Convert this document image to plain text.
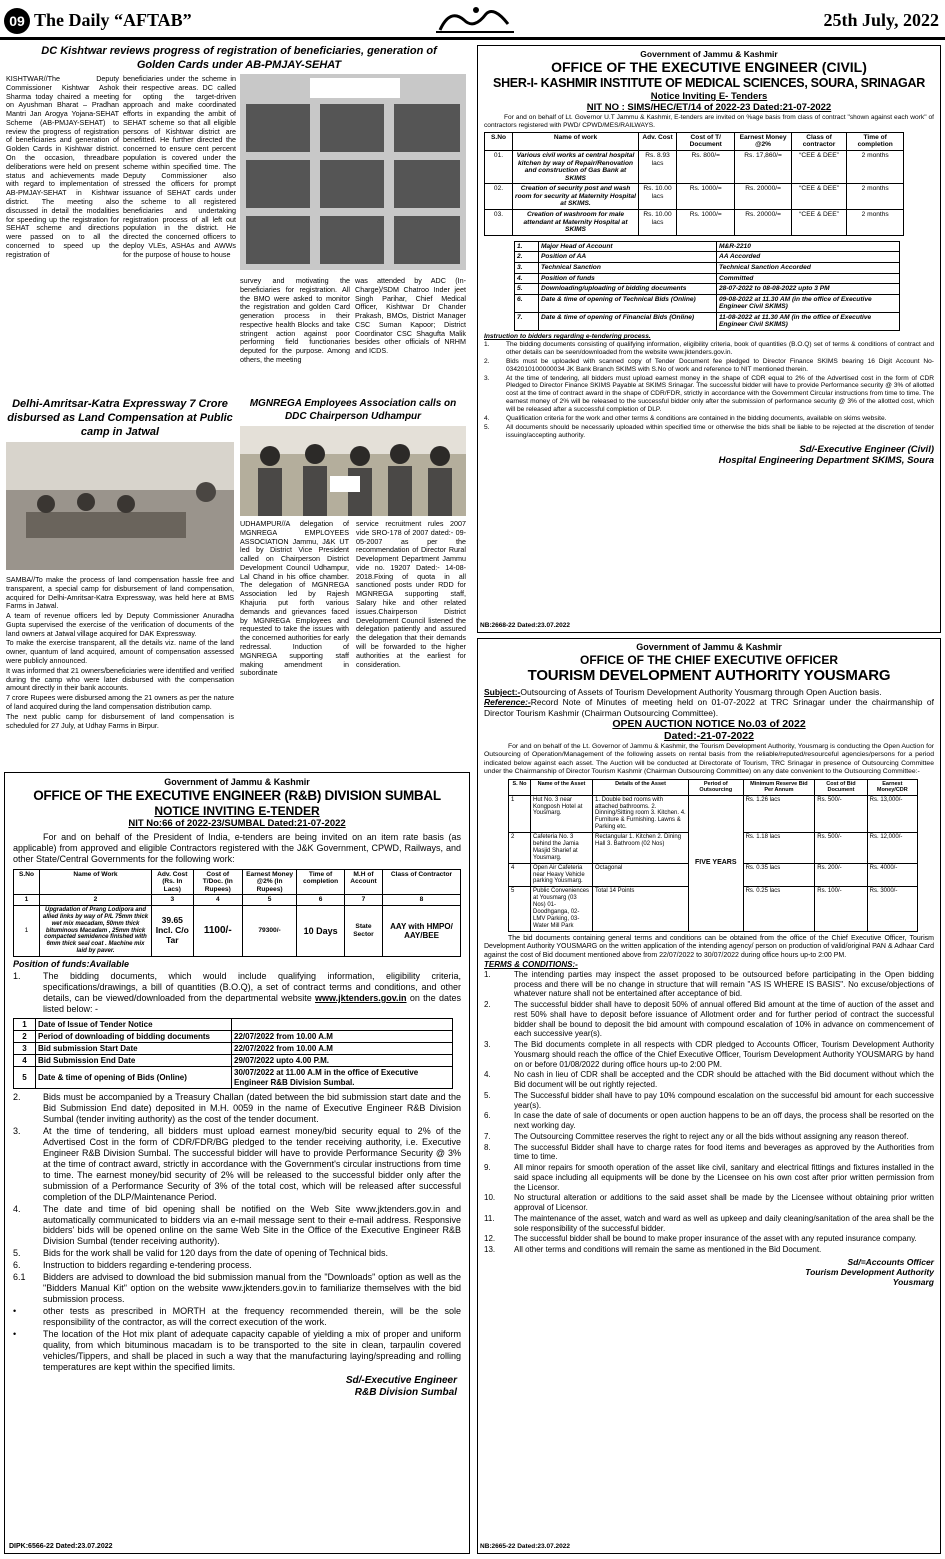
09 The Daily “AFTAB”	25th July, 2022
DC Kishtwar reviews progress of registration of beneficiaries, generation of Golden Cards under AB-PMJAY-SEHAT
KISHTWAR//The Deputy Commissioner Kishtwar Ashok Sharma today chaired a meeting on Ayushman Bharat – Pradhan Mantri Jan Arogya Yojana-SEHAT Scheme (AB-PMJAY-SEHAT) to review the progress of registration of beneficiaries and generation of Golden Cards in Kishtwar district. On the occasion, threadbare deliberations were held on present status and achievements made with regard to implementation of AB-PMJAY-SEHAT in Kishtwar district. The meeting also discussed in detail the modalities for speeding up the registration for SEHAT scheme and directions were passed on to all the concerned to speed up the registration of
beneficiaries under the scheme in their respective areas. DC called for opting the target-driven approach and make coordinated efforts in expanding the ambit of SEHAT scheme so that all eligible persons of Kishtwar district are benefitted. He further directed the concerned to ensure cent percent population is covered under the scheme within specified time. The Deputy Commissioner also stressed the officers for prompt issuance of SEHAT cards under the scheme to all registered beneficiaries and undertaking registration process of all left out population in the district. He directed the concerned officers to deploy VLEs, ASHAs and AWWs for the purpose of house to house
survey and motivating the beneficiaries for registration. All the BMO were asked to monitor the registration and golden Card generation process in their respective health Blocks and take stringent action against poor performing field functionaries deputed for the purpose. Among others, the meeting
was attended by ADC (In-Charge)/SDM Chatroo Inder jeet Singh Parihar, Chief Medical Officer, Kishtwar Dr Chander Prakash, BMOs, District Manager CSC Suman Kapoor; District Coordinator CSC Shagufta Malik besides other officials of NRHM and ICDS.
Delhi-Amritsar-Katra Expressway 7 Crore disbursed as Land Compensation at Public camp in Jatwal

SAMBA//To make the process of land compensation hassle free and transparent, a special camp for disbursement of land compensation, acquired for Delhi-Amritsar-Katra Expressway, was held here at BMS Farms in Jatwal.

A team of revenue officers led by Deputy Commissioner Anuradha Gupta supervised the exercise of the verification of documents of the land owners at Jatwal village acquired for DAK Expressway.

To make the exercise transparent, all the details viz. name of the land owner, quantum of land acquired, amount of compensation assessed were publicly announced.

It was informed that 21 owners/beneficiaries were identified and verified during the camp who were later disbursed with the compensation amount directly in their bank accounts.

7 crore Rupees were disbursed among the 21 owners as per the nature of land acquired during the land compensation distribution camp.

The next public camp for disbursement of land compensation is scheduled for 27 July, at Udhay Farms in Birpur.

MGNREGA Employees Association calls on DDC Chairperson Udhampur
UDHAMPUR//A delegation of MGNREGA EMPLOYEES ASSOCIATION Jammu, J&K UT led by District Vice President called on Chairperson District Development Council Udhampur, Lal Chand in his office chamber. The delegation of MGNREGA Association led by Rajesh Khajuria put forth various demands and grievances faced by MGNREGA Employees and requested to take the issues with the concerned authorities for early redressal. Induction of MGNREGA supporting staff making amendment in subordinate
service recruitment rules 2007 vide SRO-178 of 2007 dated:- 09-05-2007 as per the recommendation of Director Rural Development Department Jammu vide no. 19207 Dated:- 14-08-2018.Fixing of quota in all sanctioned posts under RDD for MGNREGA supporting staff, Salary hike and other related issues.Chairperson District Development Council listened the delegation patiently and assured the delegation that their demands will be forwarded to the higher authorities at the earliest for consideration.
Government of Jammu & Kashmir
OFFICE OF THE EXECUTIVE ENGINEER (R&B) DIVISION SUMBAL
NOTICE INVITING E-TENDER
NIT No:66 of 2022-23/SUMBAL Dated:21-07-2022
For and on behalf of the President of India, e-tenders are being invited on an item rate basis (as applicable) from approved and eligible Contractors registered with the J&K Government, CPWD, Railways, and other State/Central Governments for the following work:
S.No	Name of Work	Adv. Cost (Rs. In Lacs)	Cost of T/Doc. (In Rupees)	Earnest Money @2% (In Rupees)	Time of completion	M.H of Account	Class of Contractor
1	2	3	4	5	6	7	8
1	Upgradation of Prang Lodipora and allied links by way of P/L 75mm thick wet mix macadam, 50mm thick bituminous Macadam , 25mm thick compacted semidence finished with 6mm thick seal coat . Machine mix laid by paver.	39.65 Incl. C/o Tar	1100/-	79300/-	10 Days	State Sector	AAY with HMPO/ AAY/BEE
Position of funds:Available
1. The bidding documents, which would include qualifying information, eligibility criteria, specifications/drawings, a bill of quantities (B.O.Q), a set of contract terms and conditions, and other details, can be viewed/downloaded from the departmental website www.jktenders.gov.in on the dates listed below: -
1	Date of Issue of Tender Notice	
2	Period of downloading of bidding documents	22/07/2022 from 10.00 A.M
3	Bid submission Start Date	22/07/2022 from 10.00 A.M
4	Bid Submission End Date	29/07/2022 upto 4.00 P.M.
5	Date & time of opening of Bids (Online)	30/07/2022 at 11.00 A.M in the office of Executive Engineer R&B Division Sumbal.
2. Bids must be accompanied by a Treasury Challan (dated between the bid submission start date and the Bid Submission End date) deposited in M.H. 0059 in the name of Executive Engineer R&B Division Sumbal (tender inviting authority) as the cost of the tender document.
3. At the time of tendering, all bidders must upload earnest money/bid security equal to 2% of the Advertised Cost in the form of CDR/FDR/BG pledged to the tender receiving authority, i.e. Executive Engineer R&B Division Sumbal. The successful bidder will have to provide Performance Security @ 3% at the time of contract award, strictly in accordance with the Government's circular instructions from time to time. The earnest money/bid security of 2% will be released to the successful bidder only after the submission of a Performance Security of 3% of the total cost, which will be released after successful completion of the DLP/Maintenance Period.
4. The date and time of bid opening shall be notified on the Web Site www.jktenders.gov.in and automatically communicated to bidders via an e-mail message sent to their e-mail address. Responsive bidders' bids will be opened online on the same Web Site in the Office of the Executive Engineer R&B Division Sumbal (tender receiving authority).
5. Bids for the work shall be valid for 120 days from the date of opening of Technical bids.
6. Instruction to bidders regarding e-tendering process.
6.1 Bidders are advised to download the bid submission manual from the "Downloads" option as well as the "Bidders Manual Kit" option on the website www.jktenders.gov.in to familiarize themselves with the bid submission process.
•	other tests as prescribed in MORTH at the frequency recommended therein, will be the sole responsibility of the contractor, as will the correct execution of the work.
•	The location of the Hot mix plant of adequate capacity capable of yielding a mix of proper and uniform quality, from which bituminous macadam is to be transported to the site in clean, tarpaulin covered vehicles/Tippers, and shall be placed in such a way that the manufacturing laying/spreading and rolling temperatures are kept within the specified limits.
Sd/-Executive Engineer
R&B Division Sumbal
DIPK:6566-22 Dated:23.07.2022
Government of Jammu & Kashmir
OFFICE OF THE EXECUTIVE ENGINEER (CIVIL)
SHER-I- KASHMIR INSTITUTE OF MEDICAL SCIENCES, SOURA, SRINAGAR
Notice Inviting E- Tenders
NIT NO : SIMS/HEC/ET/14 of 2022-23 Dated:21-07-2022
For and on behalf of Lt. Governor U.T Jammu & Kashmir, E-tenders are invited on %age basis from class of contract "shown against each work" of contractors registered with PWD/ CPWD/MES/RAILWAYS.
S.No	Name of work	Adv. Cost	Cost of T/ Document	Earnest Money @2%	Class of contractor	Time of completion
01.	Various civil works at central hospital kitchen by way of Repair/Renovation and construction of Gas Bank at SKIMS	Rs. 8.93 lacs	Rs. 800/=	Rs. 17,860/=	“CEE & DEE”	2 months
02.	Creation of security post and wash room for security at Maternity Hospital at SKIMS.	Rs. 10.00 lacs	Rs. 1000/=	Rs. 20000/=	“CEE & DEE”	2 months
03.	Creation of washroom for male attendant at Maternity Hospital at SKIMS	Rs. 10.00 lacs	Rs. 1000/=	Rs. 20000/=	“CEE & DEE”	2 months
1.	Major Head of Account	M&R-2210
2.	Position of AA	AA Accorded
3.	Technical Sanction	Technical Sanction Accorded
4.	Position of funds	Committed
5.	Downloading/uploading of bidding documents	28-07-2022 to 08-08-2022 upto 3 PM
6.	Date & time of opening of Technical Bids (Online)	09-08-2022 at 11.30 AM (in the office of Executive Engineer Civil SKIMS)
7.	Date & time of opening of Financial Bids (Online)	11-08-2022 at 11.30 AM (in the office of Executive Engineer Civil SKIMS)
Instruction to bidders regarding e-tendering process.
1.	The bidding documents consisting of qualifying information, eligibility criteria, book of quantities (B.O.Q) set of terms & conditions of contract and other details can be seen/downloaded from the website www.jktenders.gov.in.
2.	Bids must be uploaded with scanned copy of Tender Document fee pledged to Director Finance SKIMS bearing 16 Digit Account No-0342010100000034 JK Bank Branch SKIMS with S.No of work and reference to NIT mentioned therein.
3.	At the time of tendering, all bidders must upload earnest money in the shape of CDR equal to 2% of the Advertised cost in the form of CDR Pledged to Director Finance SKIMS Payable at SKIMS Srinagar. The successful bidder will have to provide Performance security @ 3% of allotted cost at the time of contract award in the shape of CDR/FDR, strictly in accordance with the Government Circular instructions from time to time. The earnest money of 2% will be released to the successful bidder only after the submission of performance security @ 3% of the allotted cost, which will be released after a successful completion of DLP.
4.	Qualification criteria for the work and other terms & conditions are contained in the bidding documents, available on skims website.
5.	All documents should be necessarily uploaded within specified time or otherwise the bids shall be liable to be rejected at the discretion of tender issuing/accepting authority.
Sd/-Executive Engineer (Civil)
Hospital Engineering Department SKIMS, Soura
NB:2668-22 Dated:23.07.2022
Government of Jammu & Kashmir
OFFICE OF THE CHIEF EXECUTIVE OFFICER
TOURISM DEVELOPMENT AUTHORITY YOUSMARG
Subject:-Outsourcing of Assets of Tourism Development Authority Yousmarg through Open Auction basis.
Reference:-Record Note of Minutes of meeting held on 01-07-2022 at TRC Srinagar under the chairmanship of Director Tourism Kashmir (Chairman Outsourcing Committee).
OPEN AUCTION NOTICE No.03 of 2022
Dated:-21-07-2022
For and on behalf of the Lt. Governor of Jammu & Kashmir, the Tourism Development Authority, Yousmarg is conducting the Open Auction for Outsourcing of Operation/Management of the following assets on rental basis from the reliable/reputed/resourceful agencies/persons for a period indicated below against each asset. The Auction will be conducted at Directorate of Tourism, TRC Srinagar in presence of Outsourcing Committee under the Chairmanship of Director Tourism Kashmir (Chairman Outsourcing Committee) on any date convenient to the Outsourcing Committee:-
S. No	Name of the Asset	Details of the Asset	Period of Outsourcing	Minimum Reserve Bid Per Annum	Cost of Bid Document	Earnest Money/CDR
1	Hut No. 3 near Kongposh Hotel at Yousmarg.	1. Double bed rooms with attached bathrooms. 2. Dinning/Sitting room 3. Kitchen. 4. Furniture & Furnishing. Lawns & Parking etc.	FIVE YEARS	Rs. 1.26 lacs	Rs. 500/-	Rs. 13,000/-
2	Cafeteria No. 3 behind the Jamia Masjid Sharief at Yousmarg.	Rectangular 1. Kitchen 2. Dining Hall 3. Bathroom (02 Nos)		Rs. 1.18 lacs	Rs. 500/-	Rs. 12,000/-
4	Open Air Cafeteria near Heavy Vehicle parking Yousmarg.	Octagonal		Rs. 0.35 lacs	Rs. 200/-	Rs. 4000/-
5	Public Conveniences at Yousmarg (03 Nos) 01- Doodhganga, 02- LMV Parking, 03- Water Mill Park	Total 14 Points		Rs. 0.25 lacs	Rs. 100/-	Rs. 3000/-
The bid documents containing general terms and conditions can be obtained from the office of the Chief Executive Officer, Tourism Development Authority YOUSMARG on the written application of the intending agency/ person on production of valid/original PAN & Adhaar Card against the cost of Bid document mentioned above from 22/07/2022 to 30/07/2022 during office hours up-to 2:00 PM.
TERMS & CONDITIONS:-
1.	The intending parties may inspect the asset proposed to be outsourced before participating in the Open bidding process and there will be no change in structure that will remain "AS IS WHERE IS BASIS". No excuse/objections of whatever nature shall not be entertained after acceptance of bid.
2.	The successful bidder shall have to deposit 50% of annual offered Bid amount at the time of auction of the asset and rest 50% shall have to deposit before issuance of Allotment order and for further period of contract the successful bidder shall be bound to deposit the bid amount with compound escalation of 10% in advance on commencement of each successive year(s).
3.	The Bid documents complete in all respects with CDR pledged to Accounts Officer, Tourism Development Authority Yousmarg should reach the office of the Chief Executive Officer, Tourism Development Authority YOUSMARG by hand on or before 01/08/2022 during office hours up-to 2:00 PM.
4.	No cash in lieu of CDR shall be accepted and the CDR should be attached with the Bid document without which the Bid document will be out rightly rejected.
5.	The Successful bidder shall have to pay 10% compound escalation on the successful bid amount for each successive year(s).
6.	In case the date of sale of documents or open auction happens to be an off days, the process shall be resorted on the next working day.
7.	The Outsourcing Committee reserves the right to reject any or all the bids without assigning any reason thereof.
8.	The successful Bidder shall have to charge rates for food items and beverages as approved by the Authorities from time to time.
9.	All minor repairs for smooth operation of the asset like civil, sanitary and electrical fittings and fixtures installed in the said space including all equipments will be done by the Licensee on his own cost after prior written permission from the Licensor.
10. No structural alteration or additions to the said asset shall be made by the Licensee without obtaining prior written approval of Licensor.
11. The maintenance of the asset, watch and ward as well as upkeep and daily cleaning/sanitation of the area shall be the sole responsibility of the successful bidder.
12. The successful bidder shall be bound to make proper insurance of the asset with any reputed insurance company.
13. All other terms and conditions will remain the same as mentioned in the Bid Document.
Sd/=Accounts Officer
Tourism Development Authority
Yousmarg
NB:2665-22 Dated:23.07.2022
